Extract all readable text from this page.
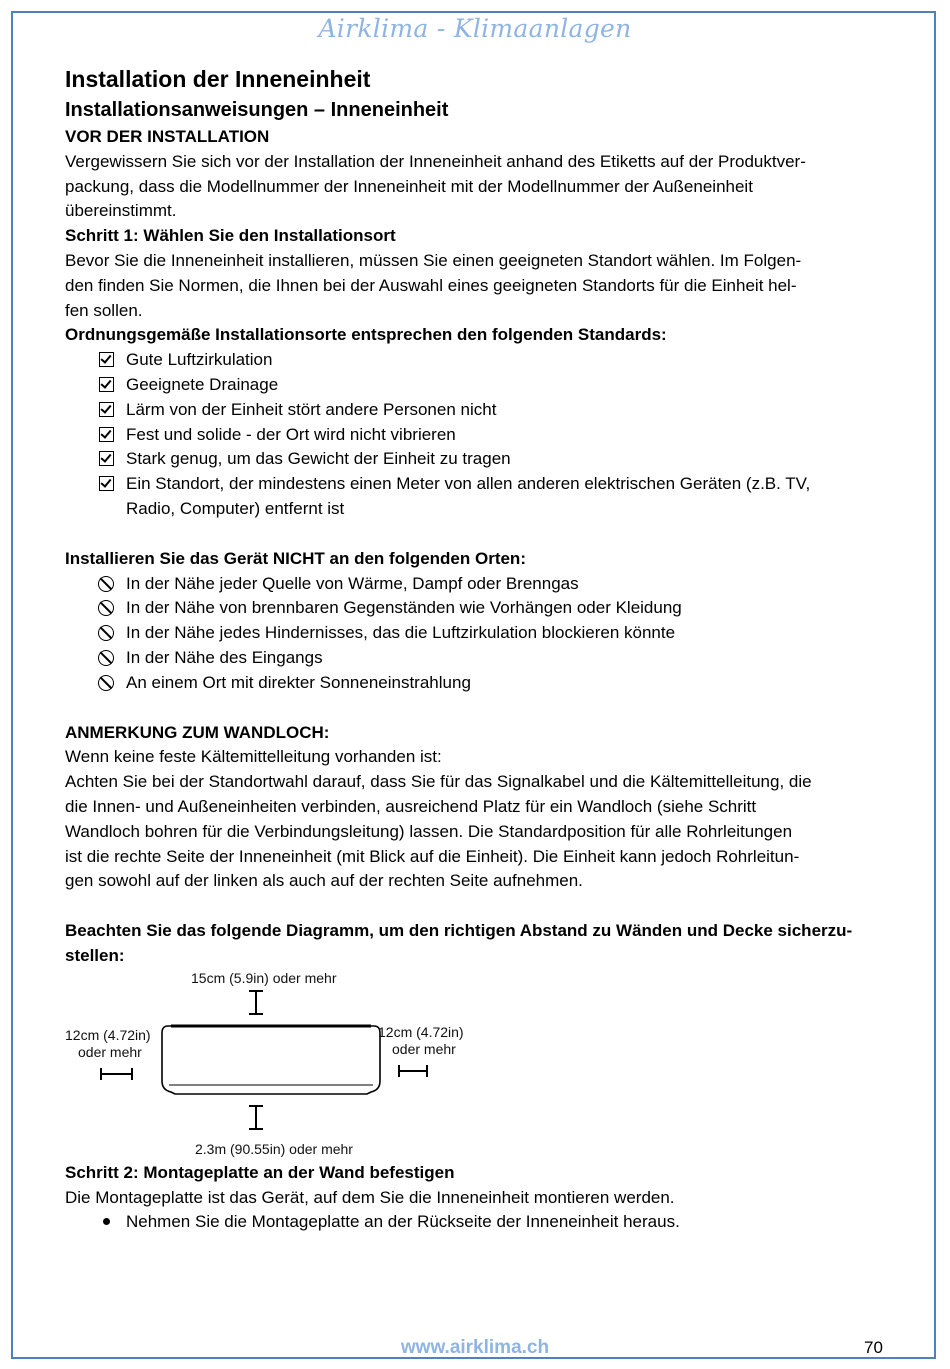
Airklima - Klimaanlagen

Installation der Inneneinheit

Installationsanweisungen – Inneneinheit

VOR DER INSTALLATION

Vergewissern Sie sich vor der Installation der Inneneinheit anhand des Etiketts auf der Produktver-

packung, dass die Modellnummer der Inneneinheit mit der Modellnummer der Außeneinheit

übereinstimmt.

Schritt 1: Wählen Sie den Installationsort

Bevor Sie die Inneneinheit installieren, müssen Sie einen geeigneten Standort wählen. Im Folgen-

den finden Sie Normen, die Ihnen bei der Auswahl eines geeigneten Standorts für die Einheit hel-

fen sollen.

Ordnungsgemäße Installationsorte entsprechen den folgenden Standards:

Gute Luftzirkulation
Geeignete Drainage
Lärm von der Einheit stört andere Personen nicht
Fest und solide - der Ort wird nicht vibrieren
Stark genug, um das Gewicht der Einheit zu tragen
Ein Standort, der mindestens einen Meter von allen anderen elektrischen Geräten (z.B. TV,
Radio, Computer) entfernt ist

Installieren Sie das Gerät NICHT an den folgenden Orten:

In der Nähe jeder Quelle von Wärme, Dampf oder Brenngas
In der Nähe von brennbaren Gegenständen wie Vorhängen oder Kleidung
In der Nähe jedes Hindernisses, das die Luftzirkulation blockieren könnte
In der Nähe des Eingangs
An einem Ort mit direkter Sonneneinstrahlung

ANMERKUNG ZUM WANDLOCH:

Wenn keine feste Kältemittelleitung vorhanden ist:

Achten Sie bei der Standortwahl darauf, dass Sie für das Signalkabel und die Kältemittelleitung, die

die Innen- und Außeneinheiten verbinden, ausreichend Platz für ein Wandloch (siehe Schritt

Wandloch bohren für die Verbindungsleitung) lassen. Die Standardposition für alle Rohrleitungen

ist die rechte Seite der Inneneinheit (mit Blick auf die Einheit). Die Einheit kann jedoch Rohrleitun-

gen sowohl auf der linken als auch auf der rechten Seite aufnehmen.

Beachten Sie das folgende Diagramm, um den richtigen Abstand zu Wänden und Decke sicherzu-

stellen:

15cm (5.9in) oder mehr
12cm (4.72in)
oder mehr
12cm (4.72in)
oder mehr
2.3m (90.55in) oder mehr

Schritt 2: Montageplatte an der Wand befestigen

Die Montageplatte ist das Gerät, auf dem Sie die Inneneinheit montieren werden.

Nehmen Sie die Montageplatte an der Rückseite der Inneneinheit heraus.
www.airklima.ch	70
